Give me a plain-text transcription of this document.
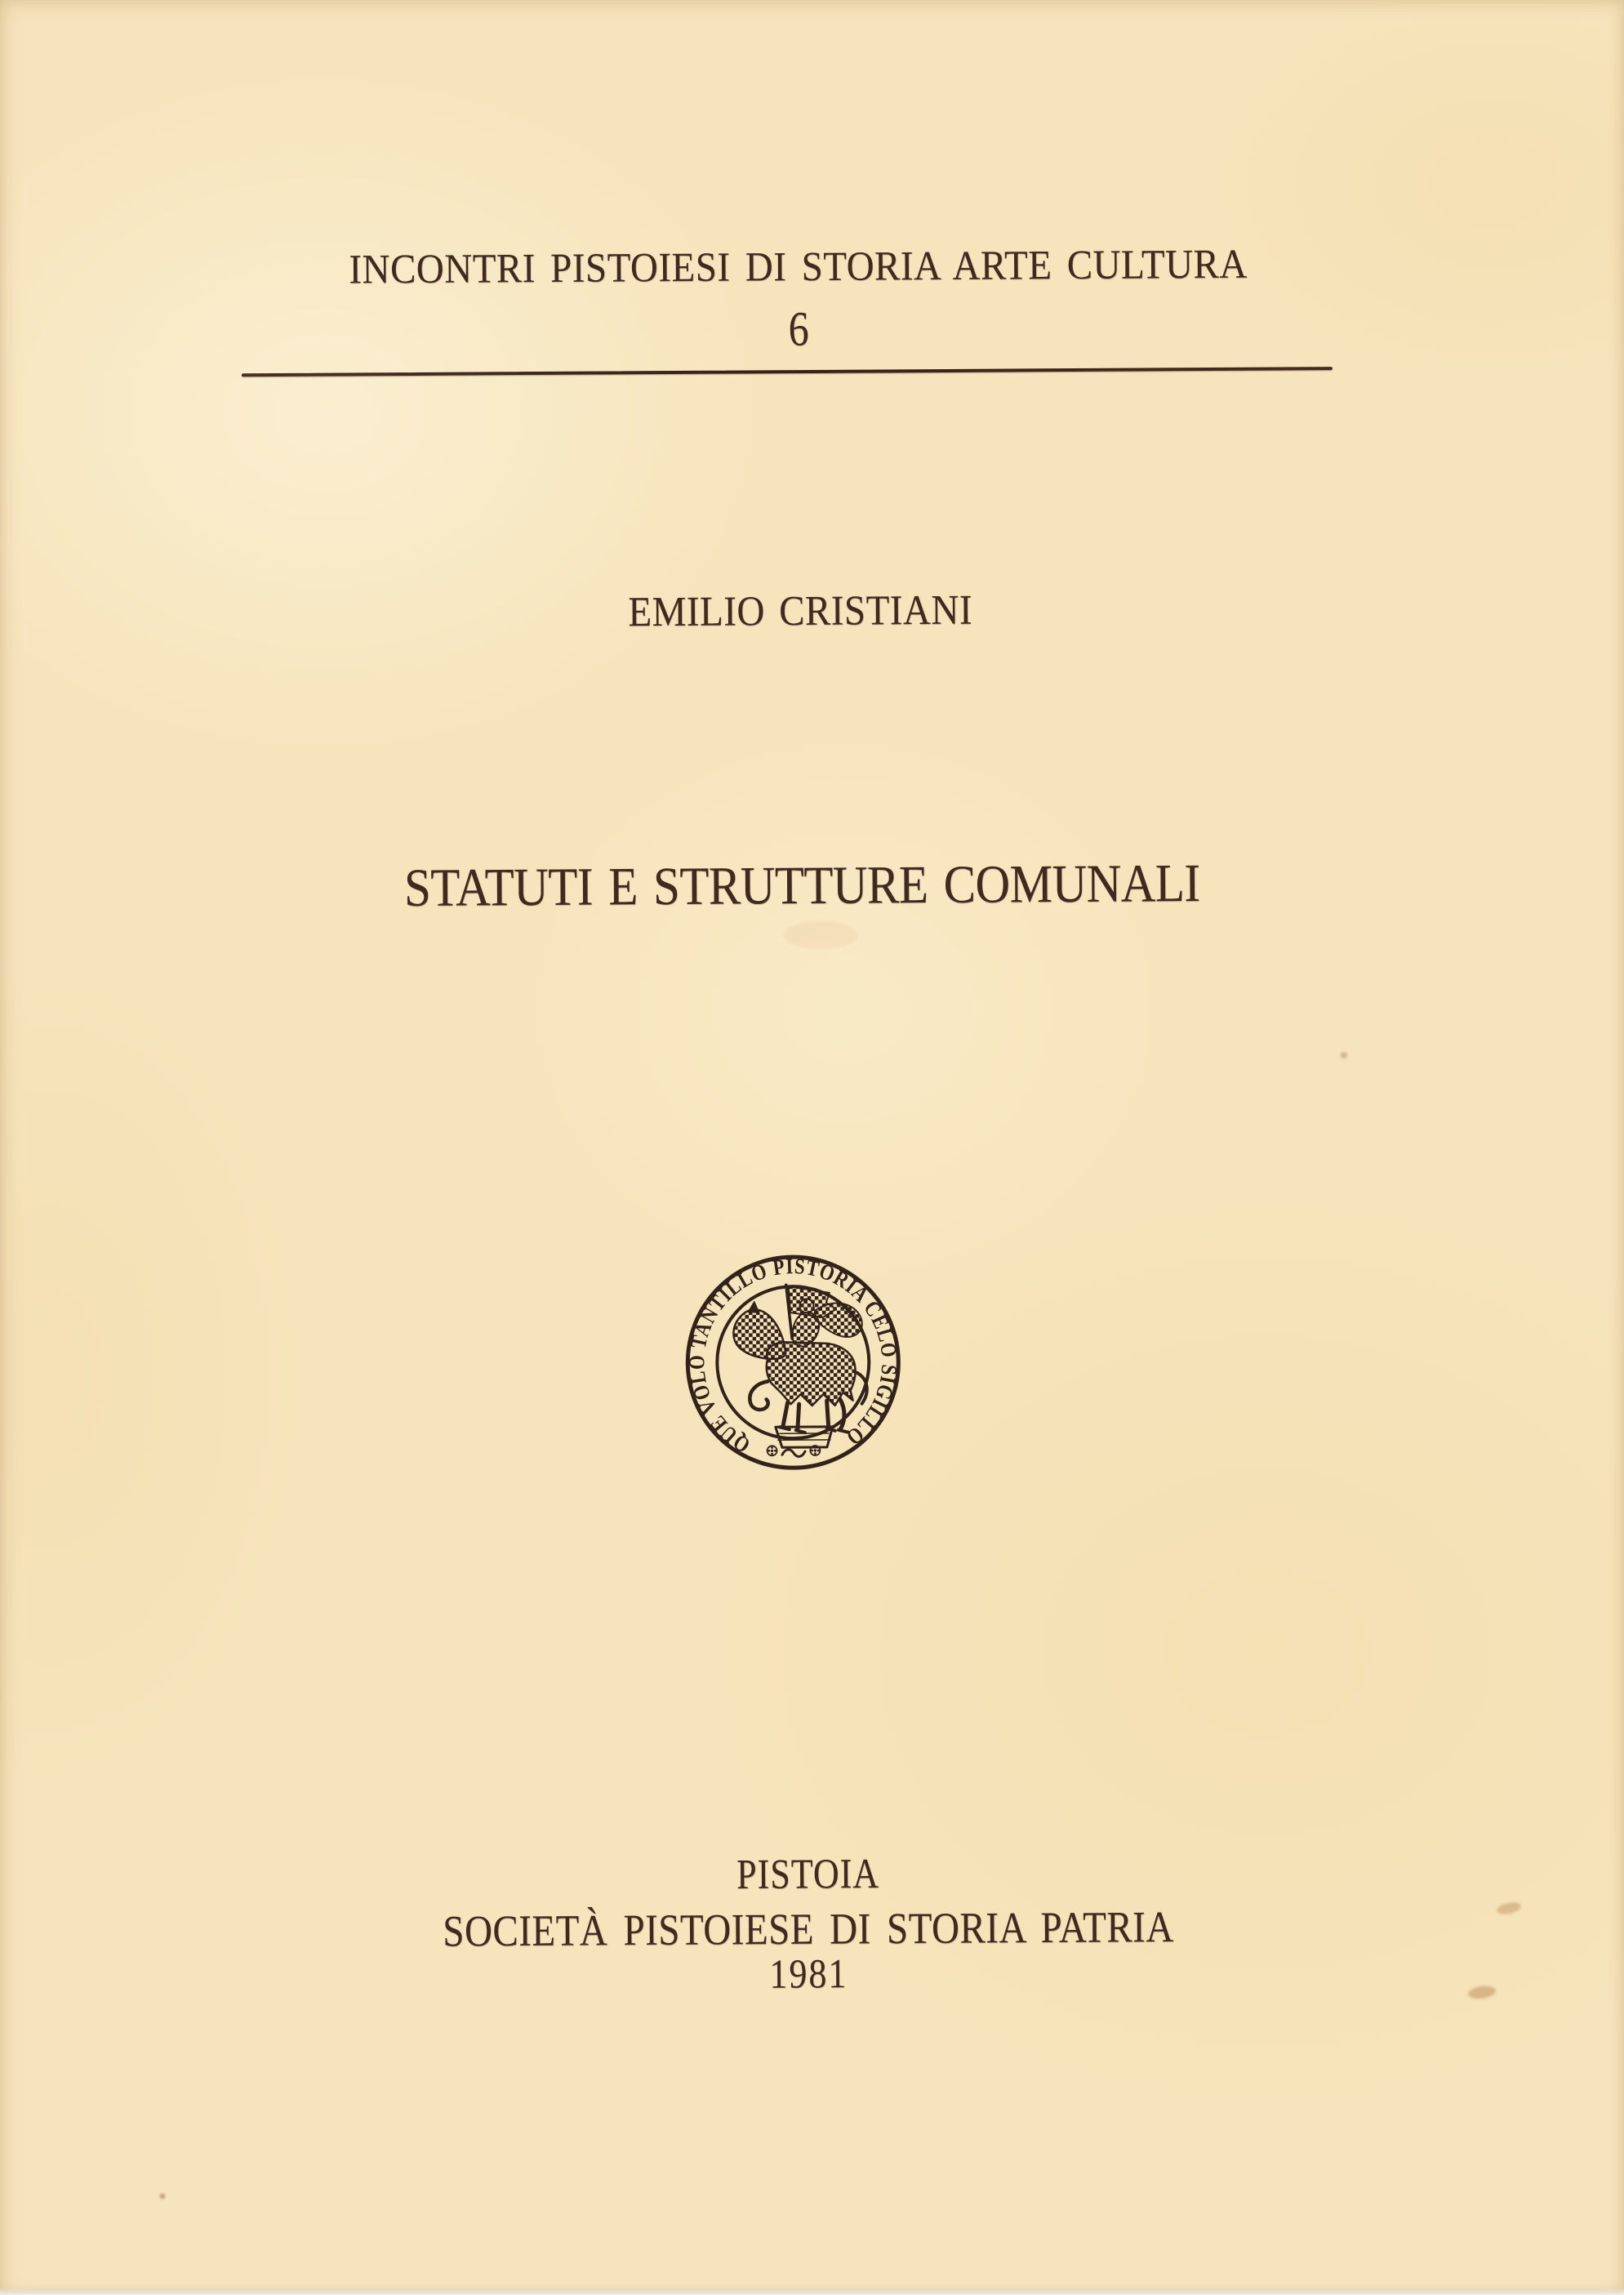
INCONTRI PISTOIESI DI STORIA ARTE CULTURA
6
EMILIO CRISTIANI
STATUTI E STRUTTURE COMUNALI
QUE VOLO TANTILLO PISTORIA CELO SIGILLO
PISTOIA
SOCIETÀ PISTOIESE DI STORIA PATRIA
1981
